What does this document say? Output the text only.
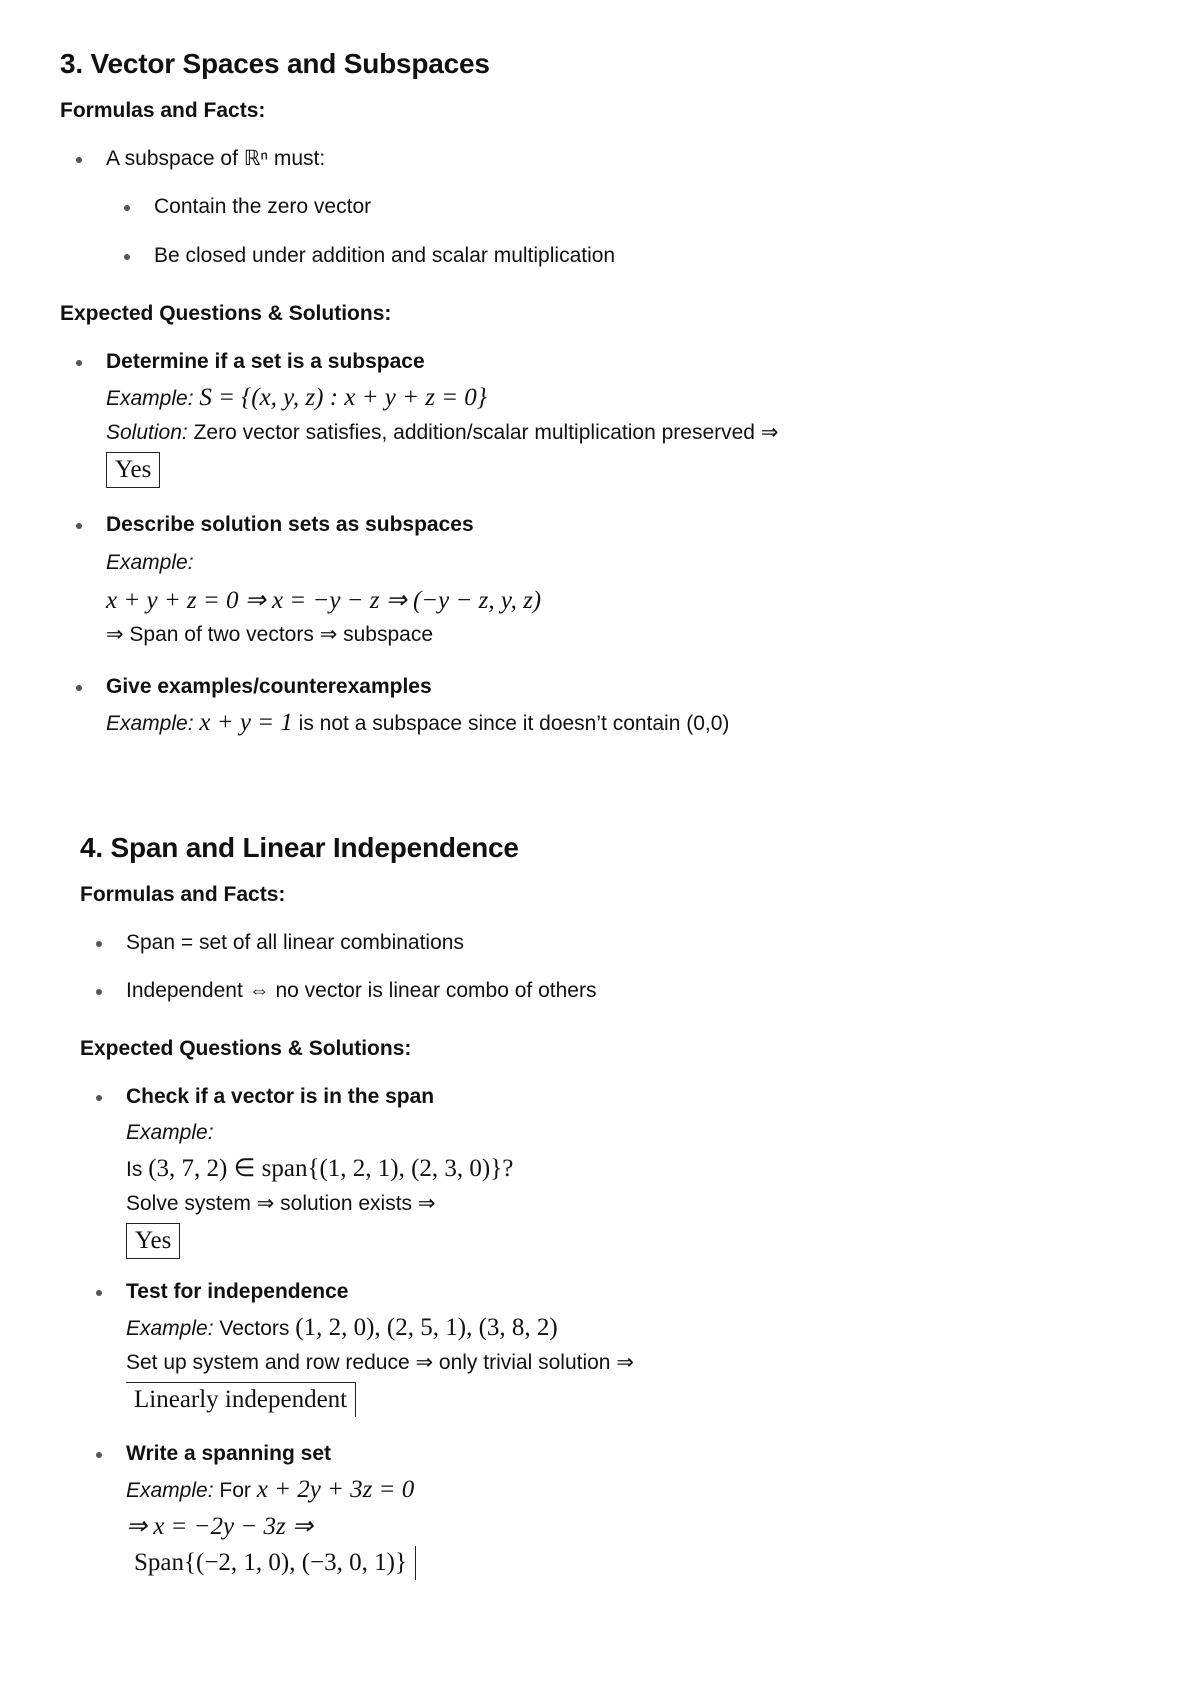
3. Vector Spaces and Subspaces

Formulas and Facts:

A subspace of ℝⁿ must:
Contain the zero vector
Be closed under addition and scalar multiplication

Expected Questions & Solutions:

Determine if a set is a subspace
Example: S = {(x, y, z) : x + y + z = 0}
Solution: Zero vector satisfies, addition/scalar multiplication preserved ⇒
Yes
Describe solution sets as subspaces
Example:
x + y + z = 0 ⇒ x = −y − z ⇒ (−y − z, y, z)
⇒ Span of two vectors ⇒ subspace
Give examples/counterexamples
Example: x + y = 1 is not a subspace since it doesn’t contain (0,0)
4. Span and Linear Independence

Formulas and Facts:

Span = set of all linear combinations
Independent ⇔ no vector is linear combo of others

Expected Questions & Solutions:

Check if a vector is in the span
Example:
Is (3, 7, 2) ∈ span{(1, 2, 1), (2, 3, 0)}?
Solve system ⇒ solution exists ⇒
Yes
Test for independence
Example: Vectors (1, 2, 0), (2, 5, 1), (3, 8, 2)
Set up system and row reduce ⇒ only trivial solution ⇒
Linearly independent
Write a spanning set
Example: For x + 2y + 3z = 0
⇒ x = −2y − 3z ⇒
Span{(−2, 1, 0), (−3, 0, 1)}
